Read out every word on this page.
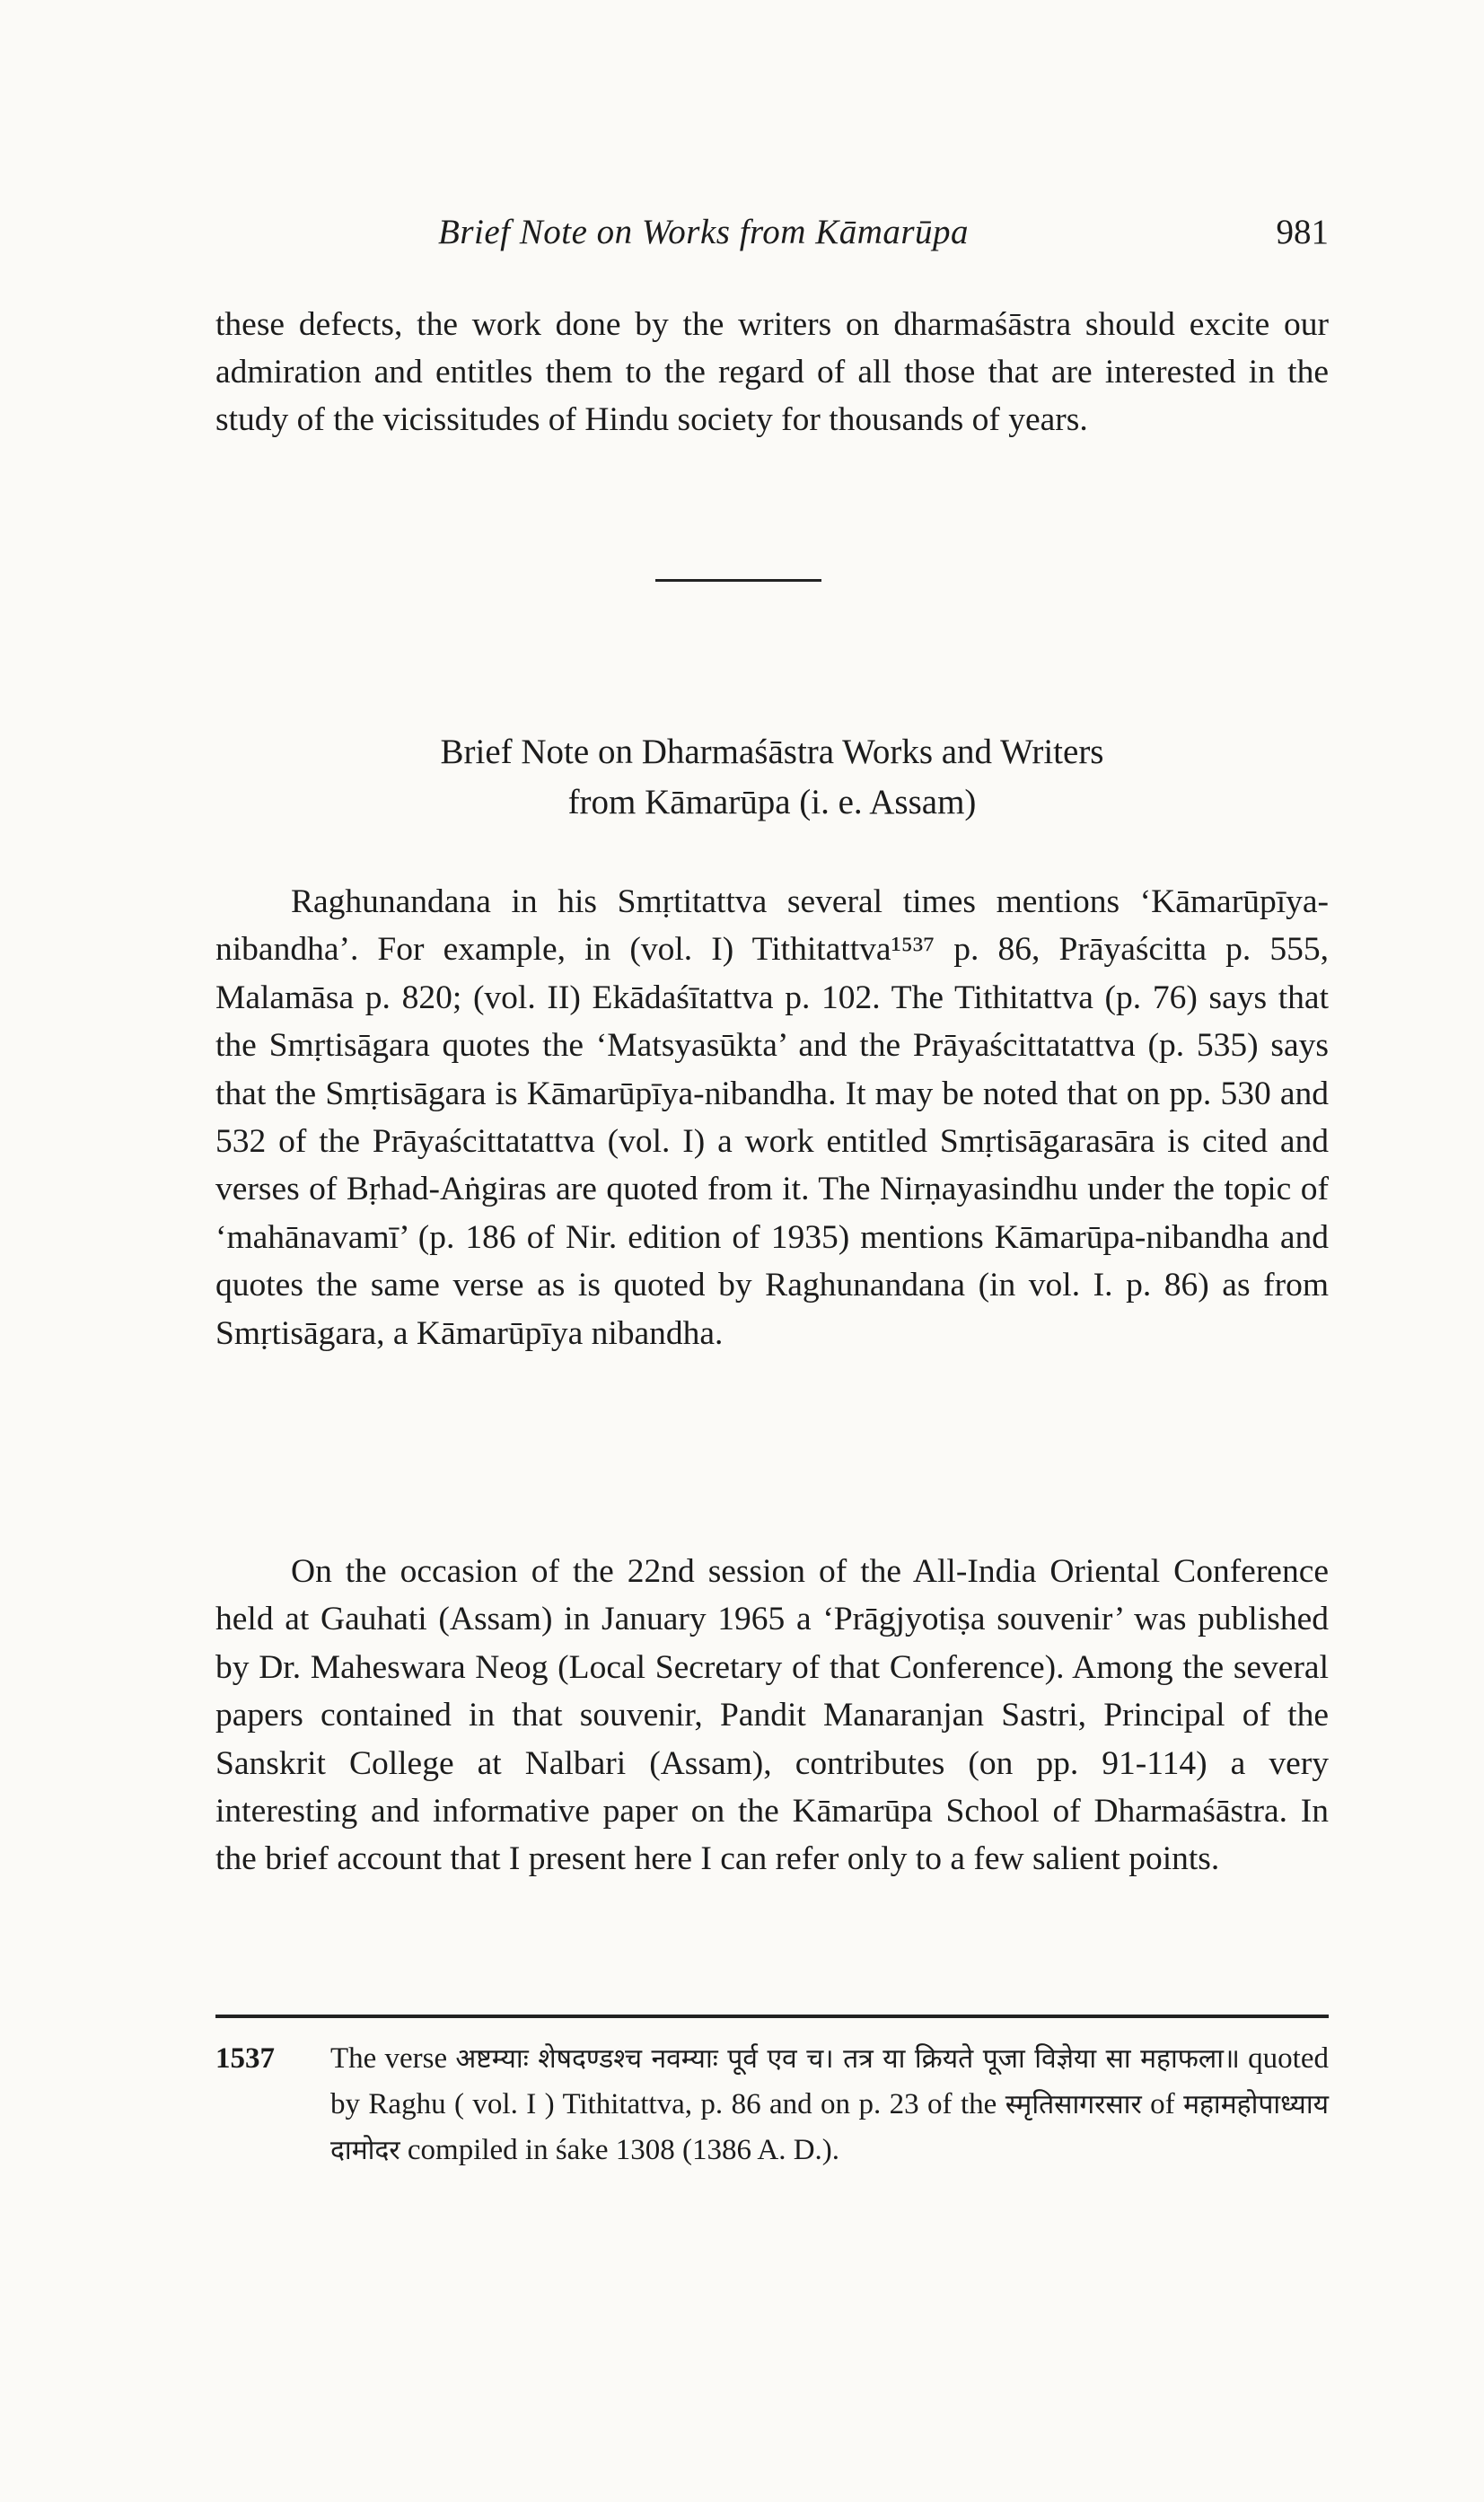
Brief Note on Works from Kāmarūpa	981

these defects, the work done by the writers on dharmaśāstra should excite our admiration and entitles them to the regard of all those that are interested in the study of the vicissitudes of Hindu society for thousands of years.

Brief Note on Dharmaśāstra Works and Writers
from Kāmarūpa (i. e. Assam)

Raghunandana in his Smṛtitattva several times mentions ‘Kāmarūpīya-nibandha’. For example, in (vol. I) Tithitattva¹⁵³⁷ p. 86, Prāyaścitta p. 555, Malamāsa p. 820; (vol. II) Ekādaśītattva p. 102. The Tithitattva (p. 76) says that the Smṛtisāgara quotes the ‘Matsyasūkta’ and the Prāyaścittatattva (p. 535) says that the Smṛtisāgara is Kāmarūpīya-nibandha. It may be noted that on pp. 530 and 532 of the Prāyaścittatattva (vol. I) a work entitled Smṛtisāgarasāra is cited and verses of Bṛhad-Aṅgiras are quoted from it. The Nirṇayasindhu under the topic of ‘mahānavamī’ (p. 186 of Nir. edition of 1935) mentions Kāmarūpa-nibandha and quotes the same verse as is quoted by Raghunandana (in vol. I. p. 86) as from Smṛtisāgara, a Kāmarūpīya nibandha.

On the occasion of the 22nd session of the All-India Oriental Conference held at Gauhati (Assam) in January 1965 a ‘Prāgjyotiṣa souvenir’ was published by Dr. Maheswara Neog (Local Secretary of that Conference). Among the several papers contained in that souvenir, Pandit Manaranjan Sastri, Principal of the Sanskrit College at Nalbari (Assam), contributes (on pp. 91-114) a very interesting and informative paper on the Kāmarūpa School of Dharmaśāstra. In the brief account that I present here I can refer only to a few salient points.

1537 The verse अष्टम्याः शेषदण्डश्च नवम्याः पूर्व एव च। तत्र या क्रियते पूजा विज्ञेया सा महाफला॥ quoted by Raghu ( vol. I ) Tithitattva, p. 86 and on p. 23 of the स्मृतिसागरसार of महामहोपाध्याय दामोदर compiled in śake 1308 (1386 A. D.).
